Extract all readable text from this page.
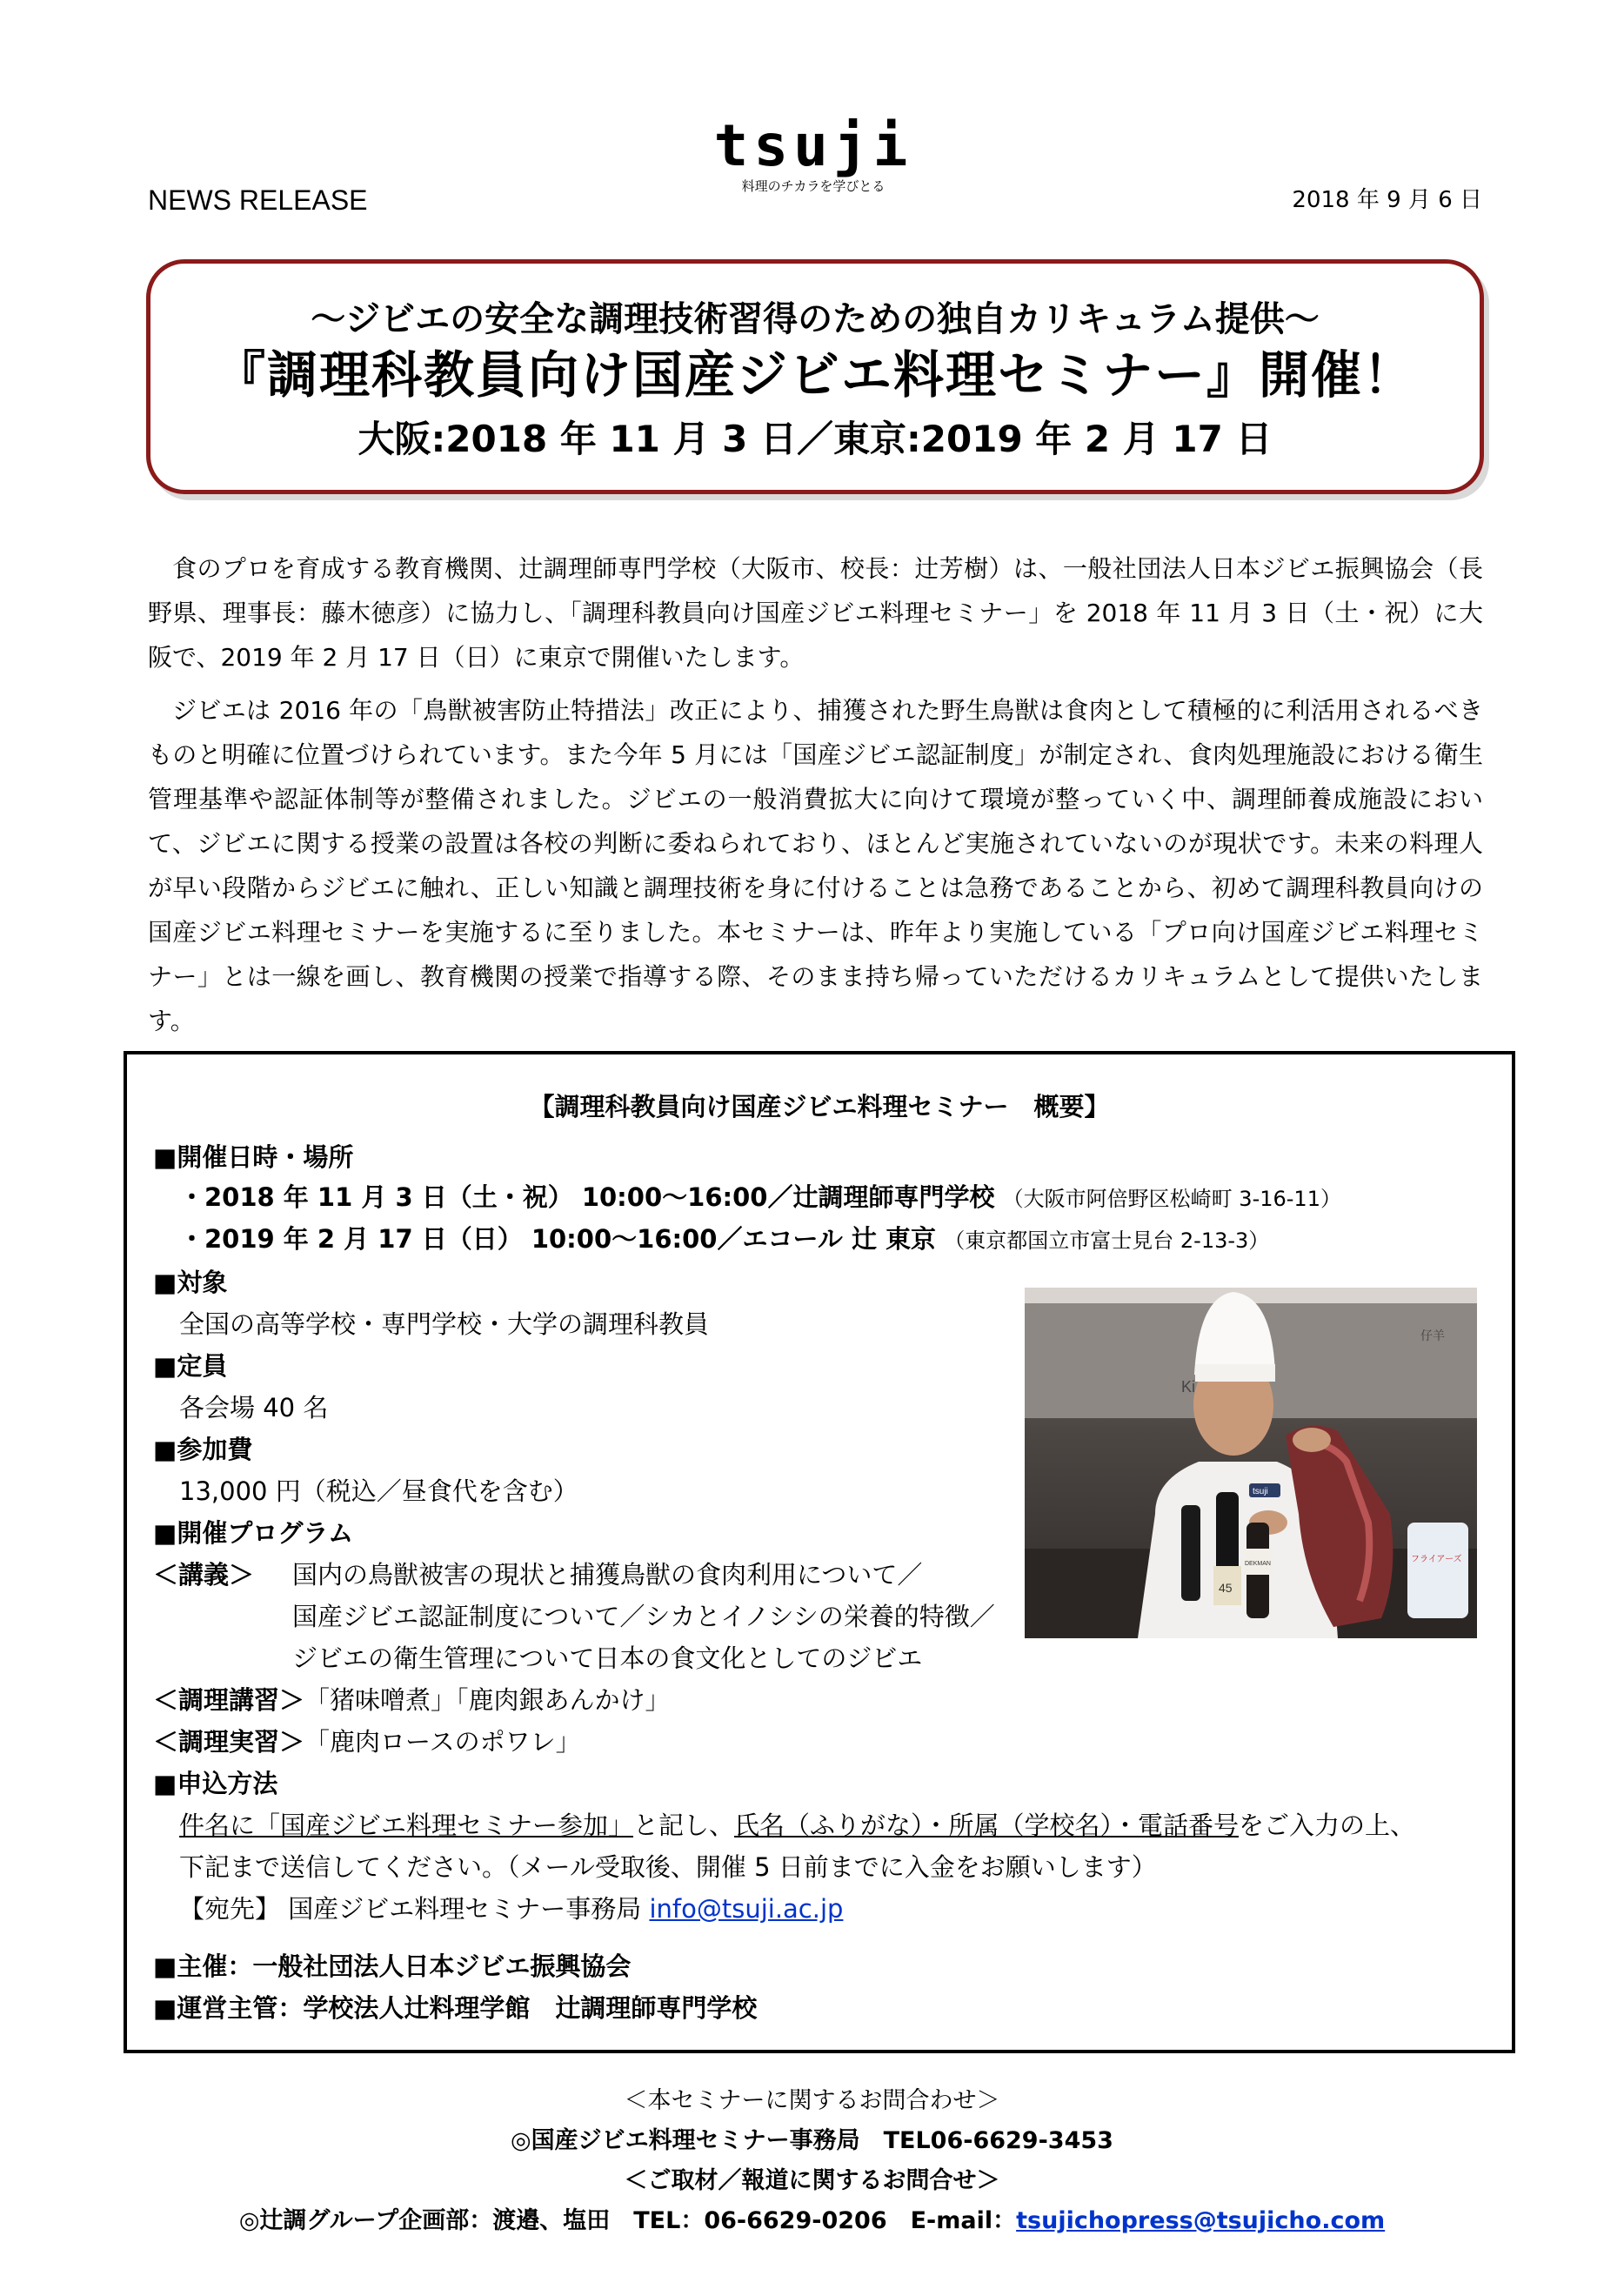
tsuji
料理のチカラを学びとる
NEWS RELEASE	2018 年 9 月 6 日
～ジビエの安全な調理技術習得のための独自カリキュラム提供～
『調理科教員向け国産ジビエ料理セミナー』開催！
大阪:2018 年 11 月 3 日／東京:2019 年 2 月 17 日

食のプロを育成する教育機関、辻調理師専門学校（大阪市、校長：辻芳樹）は、一般社団法人日本ジビエ振興協会（長野県、理事長：藤木徳彦）に協力し、「調理科教員向け国産ジビエ料理セミナー」を 2018 年 11 月 3 日（土・祝）に大阪で、2019 年 2 月 17 日（日）に東京で開催いたします。

ジビエは 2016 年の「鳥獣被害防止特措法」改正により、捕獲された野生鳥獣は食肉として積極的に利活用されるべきものと明確に位置づけられています。また今年 5 月には「国産ジビエ認証制度」が制定され、食肉処理施設における衛生管理基準や認証体制等が整備されました。ジビエの一般消費拡大に向けて環境が整っていく中、調理師養成施設において、ジビエに関する授業の設置は各校の判断に委ねられており、ほとんど実施されていないのが現状です。未来の料理人が早い段階からジビエに触れ、正しい知識と調理技術を身に付けることは急務であることから、初めて調理科教員向けの国産ジビエ料理セミナーを実施するに至りました。本セミナーは、昨年より実施している「プロ向け国産ジビエ料理セミナー」とは一線を画し、教育機関の授業で指導する際、そのまま持ち帰っていただけるカリキュラムとして提供いたします。

【調理科教員向け国産ジビエ料理セミナー　概要】
■開催日時・場所
・2018 年 11 月 3 日（土・祝） 10:00～16:00／辻調理師専門学校 （大阪市阿倍野区松崎町 3-16-11）
・2019 年 2 月 17 日（日） 10:00～16:00／エコール 辻 東京 （東京都国立市富士見台 2-13-3）
■対象
全国の高等学校・専門学校・大学の調理科教員
■定員
各会場 40 名
■参加費
13,000 円（税込／昼食代を含む）
■開催プログラム
＜講義＞ 国内の鳥獣被害の現状と捕獲鳥獣の食肉利用について／
国産ジビエ認証制度について／シカとイノシシの栄養的特徴／
ジビエの衛生管理について日本の食文化としてのジビエ
＜調理講習＞「猪味噌煮」「鹿肉銀あんかけ」
＜調理実習＞「鹿肉ロースのポワレ」
■申込方法
件名に「国産ジビエ料理セミナー参加」と記し、氏名（ふりがな）・所属（学校名）・電話番号をご入力の上、
下記まで送信してください。（メール受取後、開催 5 日前までに入金をお願いします）
【宛先】 国産ジビエ料理セミナー事務局 info@tsuji.ac.jp
■主催：一般社団法人日本ジビエ振興協会
■運営主管：学校法人辻料理学館　辻調理師専門学校
Ki
仔羊
tsuji
45
DEKMAN	フライアーズ
＜本セミナーに関するお問合わせ＞
◎国産ジビエ料理セミナー事務局　TEL06-6629-3453
＜ご取材／報道に関するお問合せ＞
◎辻調グループ企画部：渡邉、塩田　TEL：06-6629-0206　E-mail：tsujichopress@tsujicho.com
